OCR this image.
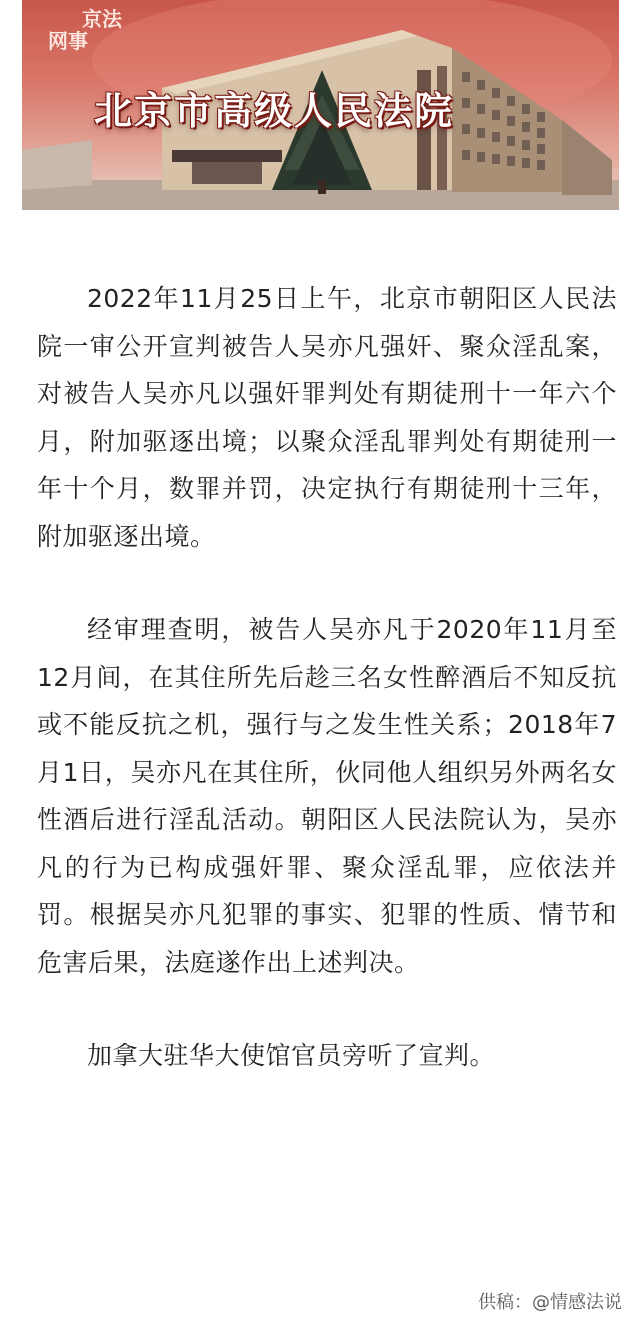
京法
网事
北京市高级人民法院

2022年11月25日上午，北京市朝阳区人民法院一审公开宣判被告人吴亦凡强奸、聚众淫乱案，对被告人吴亦凡以强奸罪判处有期徒刑十一年六个月，附加驱逐出境；以聚众淫乱罪判处有期徒刑一年十个月，数罪并罚，决定执行有期徒刑十三年，附加驱逐出境。

经审理查明，被告人吴亦凡于2020年11月至12月间，在其住所先后趁三名女性醉酒后不知反抗或不能反抗之机，强行与之发生性关系；2018年7月1日，吴亦凡在其住所，伙同他人组织另外两名女性酒后进行淫乱活动。朝阳区人民法院认为，吴亦凡的行为已构成强奸罪、聚众淫乱罪，应依法并罚。根据吴亦凡犯罪的事实、犯罪的性质、情节和危害后果，法庭遂作出上述判决。

加拿大驻华大使馆官员旁听了宣判。

供稿：@情感法说
